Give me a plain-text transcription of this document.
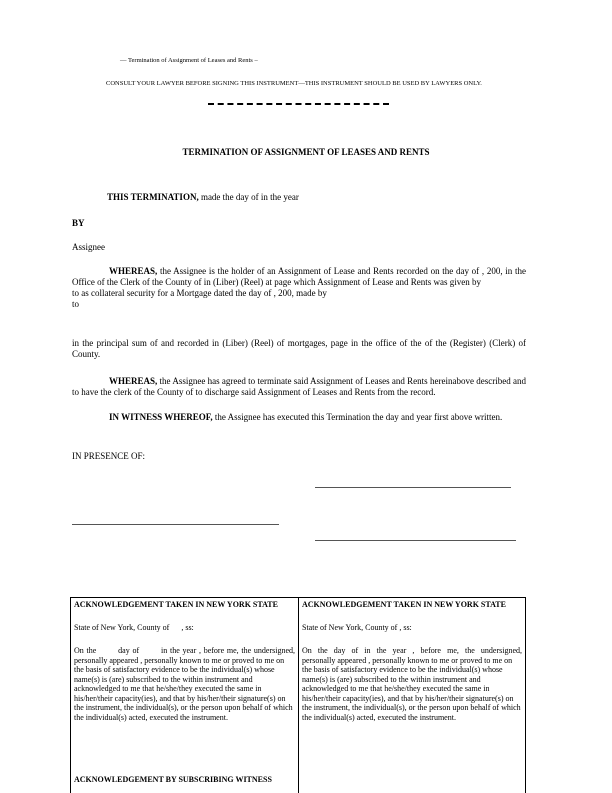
— Termination of Assignment of Leases and Rents –
CONSULT YOUR LAWYER BEFORE SIGNING THIS INSTRUMENT—THIS INSTRUMENT SHOULD BE USED BY LAWYERS ONLY.
TERMINATION OF ASSIGNMENT OF LEASES AND RENTS
THIS TERMINATION, made the day of in the year
BY
Assignee
WHEREAS, the Assignee is the holder of an Assignment of Lease and Rents recorded on the day of , 200, in the Office of the Clerk of the County of in (Liber) (Reel) at page which Assignment of Lease and Rents was given by
to as collateral security for a Mortgage dated the day of , 200, made by
to
in the principal sum of and recorded in (Liber) (Reel) of mortgages, page in the office of the of the (Register) (Clerk) of County.
WHEREAS, the Assignee has agreed to terminate said Assignment of Leases and Rents hereinabove described and to have the clerk of the County of to discharge said Assignment of Leases and Rents from the record.
IN WITNESS WHEREOF, the Assignee has executed this Termination the day and year first above written.
IN PRESENCE OF:
ACKNOWLEDGEMENT TAKEN IN NEW YORK STATE
State of New York, County of      , ss:
On the        day of        in the year , before me, the undersigned,
personally appeared , personally known to me or proved to me on the basis of satisfactory evidence to be the individual(s) whose name(s) is (are) subscribed to the within instrument and acknowledged to me that he/she/they executed the same in his/her/their capacity(ies), and that by his/her/their signature(s) on the instrument, the individual(s), or the person upon behalf of which the individual(s) acted, executed the instrument.
ACKNOWLEDGEMENT BY SUBSCRIBING WITNESS
ACKNOWLEDGEMENT TAKEN IN NEW YORK STATE
State of New York, County of , ss:
On the day of in the year , before me, the undersigned,
personally appeared , personally known to me or proved to me on the basis of satisfactory evidence to be the individual(s) whose name(s) is (are) subscribed to the within instrument and acknowledged to me that he/she/they executed the same in his/her/their capacity(ies), and that by his/her/their signature(s) on the instrument, the individual(s), or the person upon behalf of which the individual(s) acted, executed the instrument.
